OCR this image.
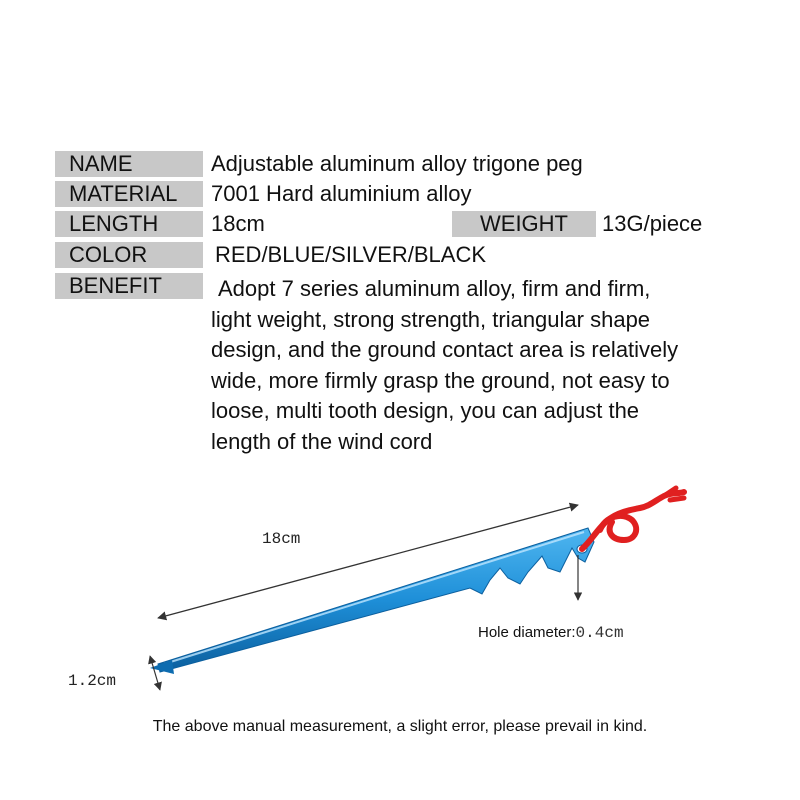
NAME	Adjustable aluminum alloy trigone peg
MATERIAL	7001 Hard aluminium alloy
LENGTH	18cm	WEIGHT	13G/piece
COLOR	RED/BLUE/SILVER/BLACK
BENEFIT	Adopt 7 series aluminum alloy, firm and firm,
light weight, strong strength, triangular shape
design, and the ground contact area is relatively
wide, more firmly grasp the ground, not easy to
loose, multi tooth design, you can adjust the
length of the wind cord
18cm
1.2cm
Hole diameter:0.4cm
The above manual measurement, a slight error, please prevail in kind.
